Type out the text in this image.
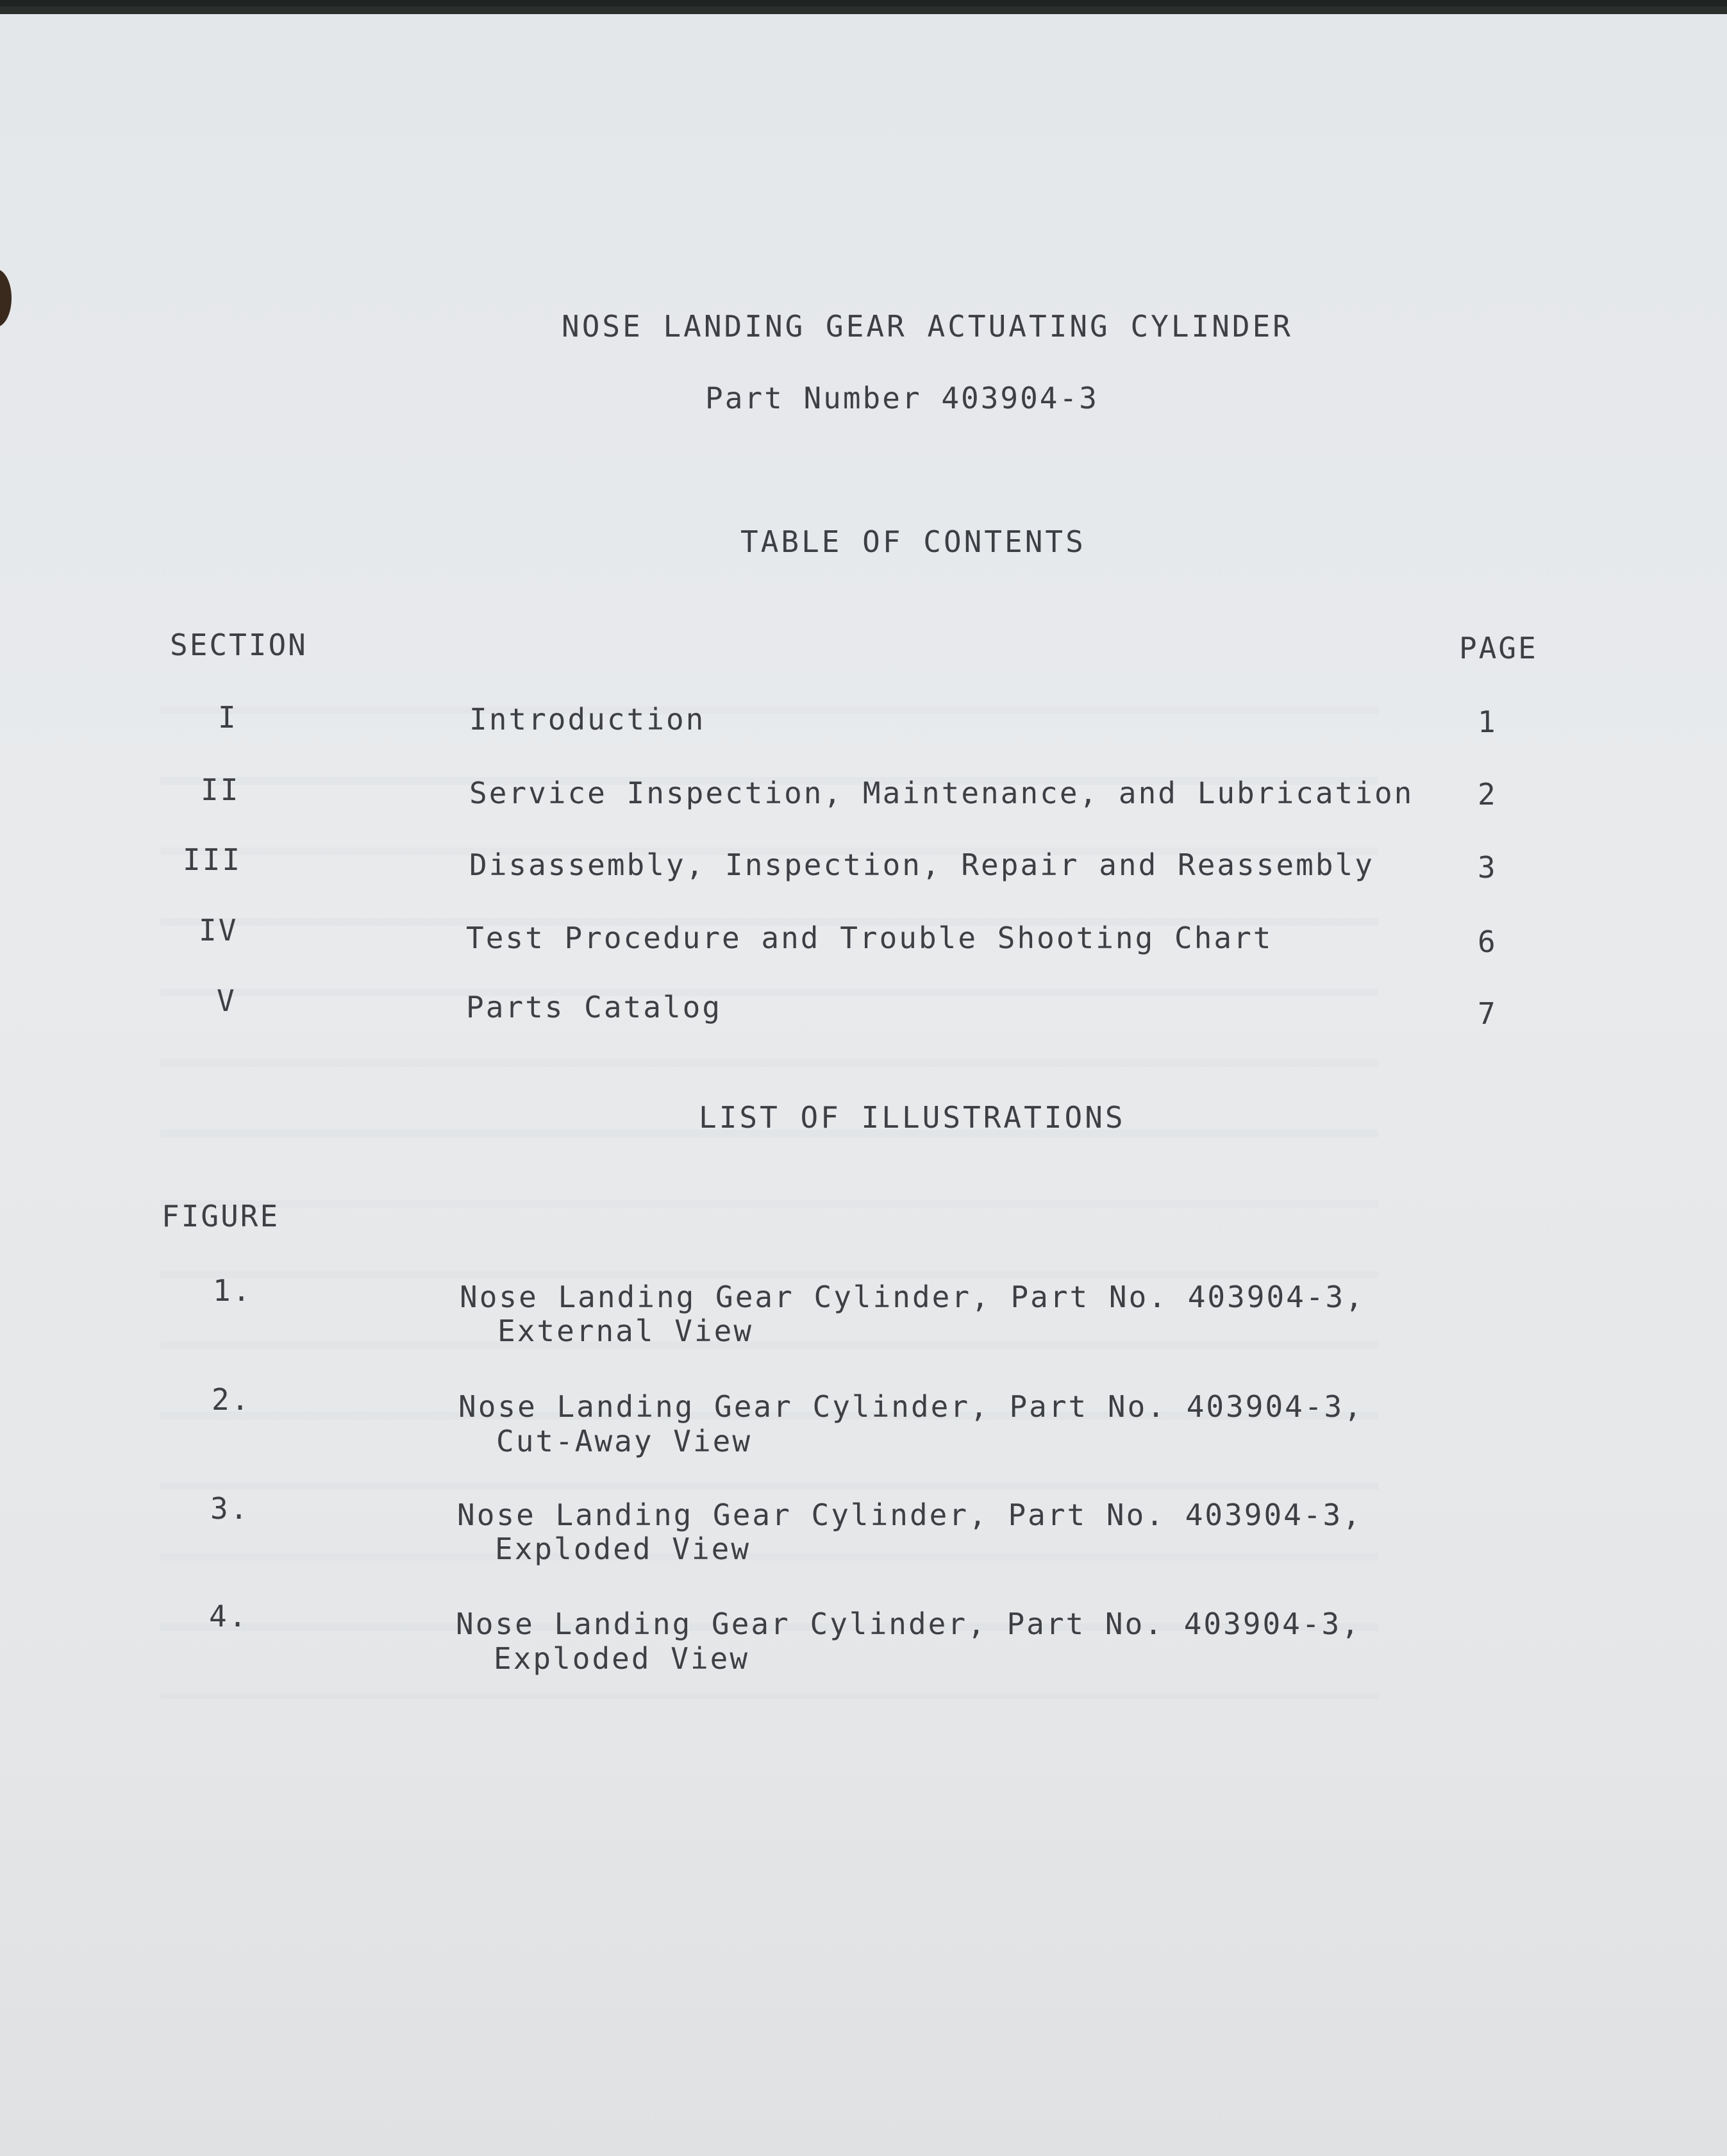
NOSE LANDING GEAR ACTUATING CYLINDER
Part Number 403904-3
TABLE OF CONTENTS
SECTION	PAGE
I	Introduction	1
II	Service Inspection, Maintenance, and Lubrication 2
III	Disassembly, Inspection, Repair and Reassembly	3
IV	Test Procedure and Trouble Shooting Chart	6
V	Parts Catalog	7
LIST OF ILLUSTRATIONS
FIGURE
1.	Nose Landing Gear Cylinder, Part No. 403904-3,
External View
2.	Nose Landing Gear Cylinder, Part No. 403904-3,
Cut-Away View
3.	Nose Landing Gear Cylinder, Part No. 403904-3,
Exploded View
4.	Nose Landing Gear Cylinder, Part No. 403904-3,
Exploded View
